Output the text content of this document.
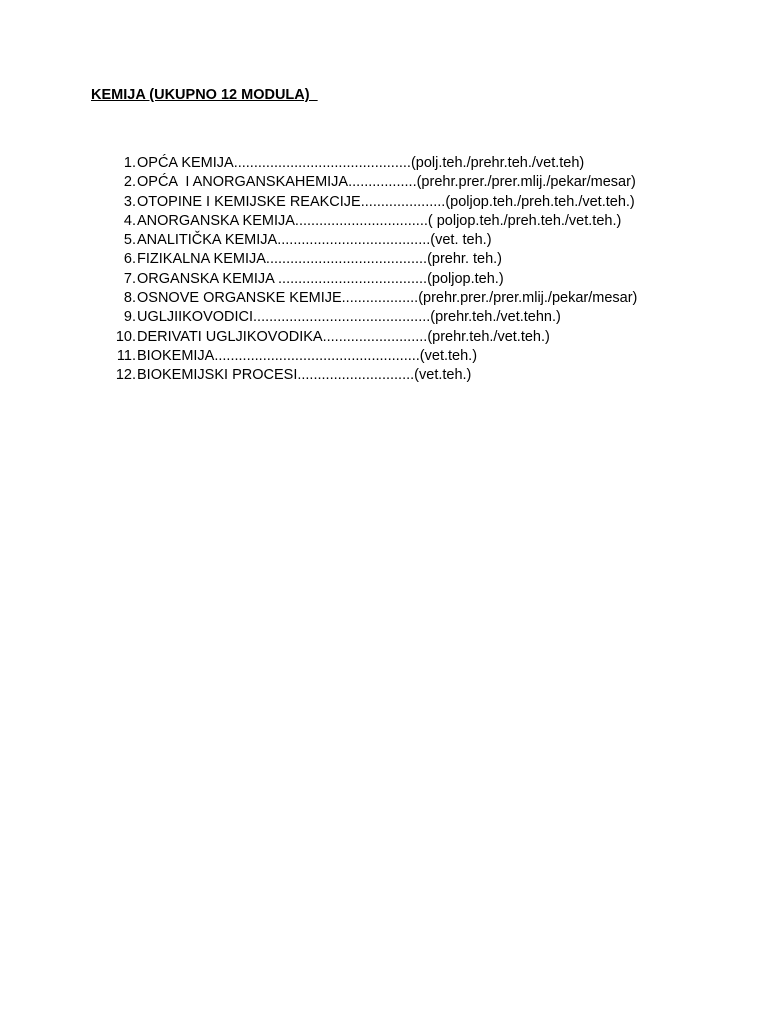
KEMIJA (UKUPNO 12 MODULA)
1. OPĆA KEMIJA............................................(polj.teh./prehr.teh./vet.teh)
2. OPĆA  I ANORGANSKAHEMIJA.................(prehr.prer./prer.mlij./pekar/mesar)
3. OTOPINE I KEMIJSKE REAKCIJE.....................(poljop.teh./preh.teh./vet.teh.)
4. ANORGANSKA KEMIJA.................................( poljop.teh./preh.teh./vet.teh.)
5. ANALITIČKA KEMIJA......................................(vet. teh.)
6. FIZIKALNA KEMIJA........................................(prehr. teh.)
7. ORGANSKA KEMIJA .....................................(poljop.teh.)
8. OSNOVE ORGANSKE KEMIJE...................(prehr.prer./prer.mlij./pekar/mesar)
9. UGLJIIKOVODICI............................................(prehr.teh./vet.tehn.)
10. DERIVATI UGLJIKOVODIKA..........................(prehr.teh./vet.teh.)
11. BIOKEMIJA...................................................(vet.teh.)
12. BIOKEMIJSKI PROCESI.............................(vet.teh.)
